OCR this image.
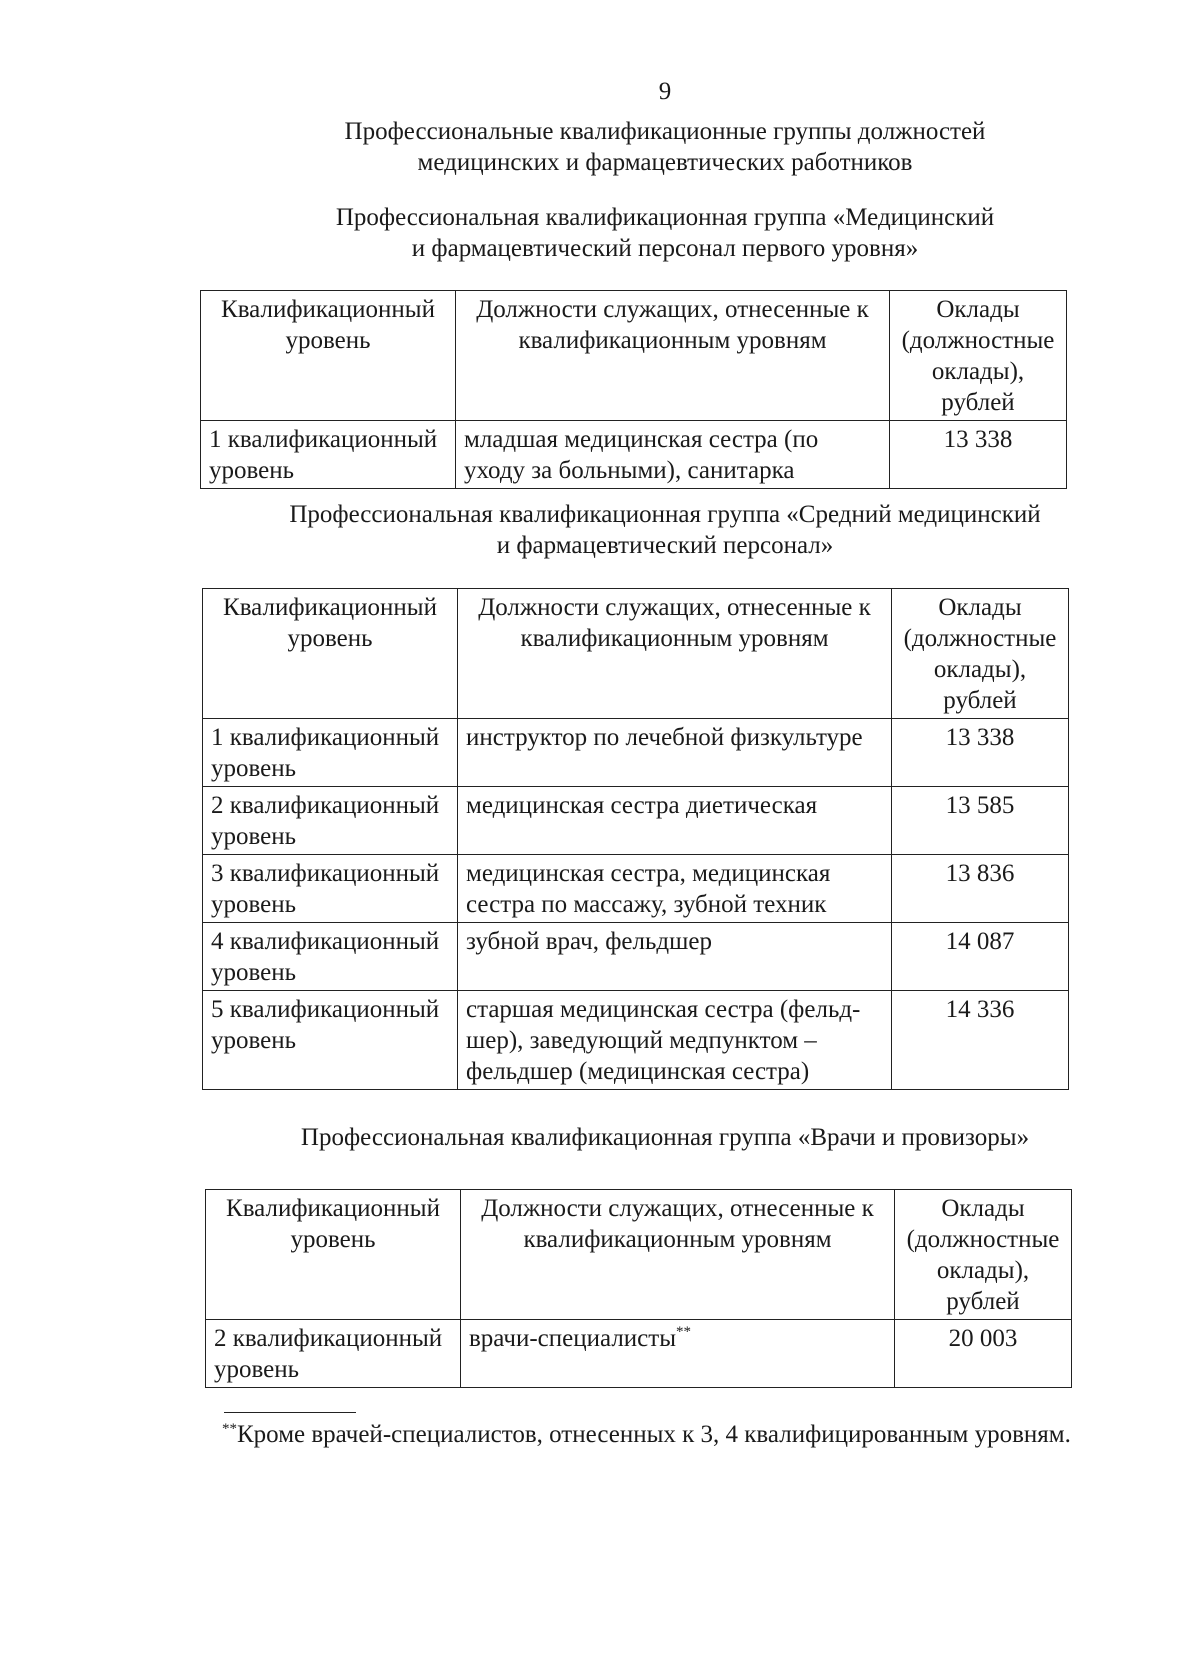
9
Профессиональные квалификационные группы должностей
медицинских и фармацевтических работников
Профессиональная квалификационная группа «Медицинский
и фармацевтический персонал первого уровня»
Квалификационный уровень	Должности служащих, отнесенные к квалификационным уровням	Оклады (должностные оклады), рублей
1 квалификационный уровень	младшая медицинская сестра (по уходу за больными), санитарка	13 338
Профессиональная квалификационная группа «Средний медицинский
и фармацевтический персонал»
Квалификационный уровень	Должности служащих, отнесенные к квалификационным уровням	Оклады (должностные оклады), рублей
1 квалификационный уровень	инструктор по лечебной физкультуре	13 338
2 квалификационный уровень	медицинская сестра диетическая	13 585
3 квалификационный уровень	медицинская сестра, медицинская сестра по массажу, зубной техник	13 836
4 квалификационный уровень	зубной врач, фельдшер	14 087
5 квалификационный уровень	старшая медицинская сестра (фельд-шер), заведующий медпунктом – фельдшер (медицинская сестра)	14 336
Профессиональная квалификационная группа «Врачи и провизоры»
Квалификационный уровень	Должности служащих, отнесенные к квалификационным уровням	Оклады (должностные оклады), рублей
2 квалификационный уровень	врачи-специалисты**	20 003
**Кроме врачей-специалистов, отнесенных к 3, 4 квалифицированным уровням.
